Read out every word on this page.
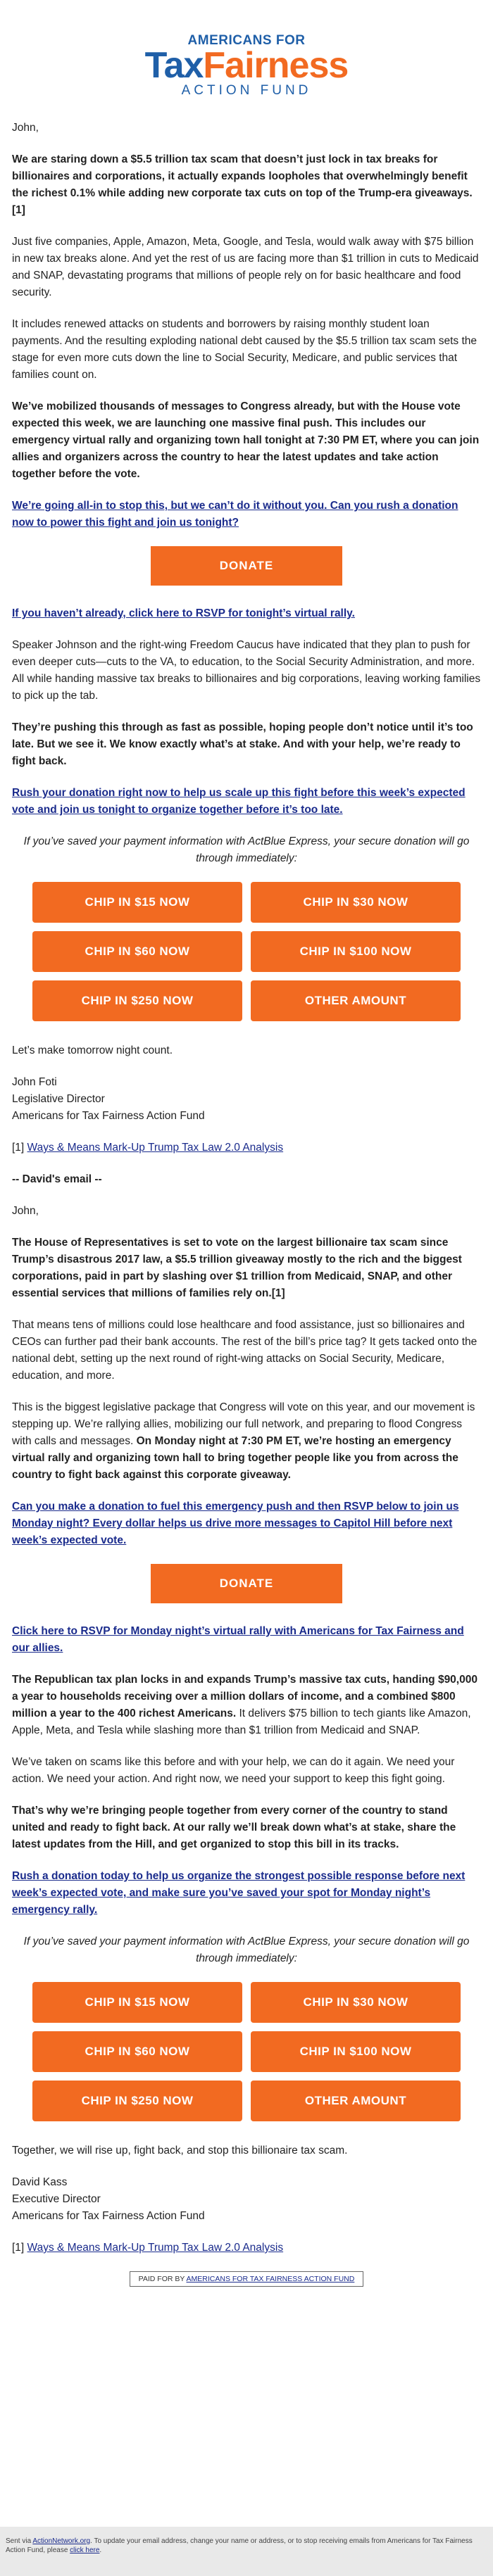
AMERICANS FOR
TaxFairness
ACTION FUND

John,

We are staring down a $5.5 trillion tax scam that doesn’t just lock in tax breaks for billionaires and corporations, it actually expands loopholes that overwhelmingly benefit the richest 0.1% while adding new corporate tax cuts on top of the Trump-era giveaways.[1]

Just five companies, Apple, Amazon, Meta, Google, and Tesla, would walk away with $75 billion in new tax breaks alone. And yet the rest of us are facing more than $1 trillion in cuts to Medicaid and SNAP, devastating programs that millions of people rely on for basic healthcare and food security.

It includes renewed attacks on students and borrowers by raising monthly student loan payments. And the resulting exploding national debt caused by the $5.5 trillion tax scam sets the stage for even more cuts down the line to Social Security, Medicare, and public services that families count on.

We’ve mobilized thousands of messages to Congress already, but with the House vote expected this week, we are launching one massive final push. This includes our emergency virtual rally and organizing town hall tonight at 7:30 PM ET, where you can join allies and organizers across the country to hear the latest updates and take action together before the vote.

We’re going all-in to stop this, but we can’t do it without you. Can you rush a donation now to power this fight and join us tonight?

DONATE

If you haven’t already, click here to RSVP for tonight’s virtual rally.

Speaker Johnson and the right-wing Freedom Caucus have indicated that they plan to push for even deeper cuts—cuts to the VA, to education, to the Social Security Administration, and more. All while handing massive tax breaks to billionaires and big corporations, leaving working families to pick up the tab.

They’re pushing this through as fast as possible, hoping people don’t notice until it’s too late. But we see it. We know exactly what’s at stake. And with your help, we’re ready to fight back.

Rush your donation right now to help us scale up this fight before this week’s expected vote and join us tonight to organize together before it’s too late.

If you’ve saved your payment information with ActBlue Express, your secure donation will go through immediately:

CHIP IN $15 NOW	CHIP IN $30 NOW
CHIP IN $60 NOW	CHIP IN $100 NOW
CHIP IN $250 NOW	OTHER AMOUNT

Let’s make tomorrow night count.

John Foti

Legislative Director

Americans for Tax Fairness Action Fund

[1] Ways & Means Mark-Up Trump Tax Law 2.0 Analysis

-- David's email --

John,

The House of Representatives is set to vote on the largest billionaire tax scam since Trump’s disastrous 2017 law, a $5.5 trillion giveaway mostly to the rich and the biggest corporations, paid in part by slashing over $1 trillion from Medicaid, SNAP, and other essential services that millions of families rely on.[1]

That means tens of millions could lose healthcare and food assistance, just so billionaires and CEOs can further pad their bank accounts. The rest of the bill’s price tag? It gets tacked onto the national debt, setting up the next round of right-wing attacks on Social Security, Medicare, education, and more.

This is the biggest legislative package that Congress will vote on this year, and our movement is stepping up. We’re rallying allies, mobilizing our full network, and preparing to flood Congress with calls and messages. On Monday night at 7:30 PM ET, we’re hosting an emergency virtual rally and organizing town hall to bring together people like you from across the country to fight back against this corporate giveaway.

Can you make a donation to fuel this emergency push and then RSVP below to join us Monday night? Every dollar helps us drive more messages to Capitol Hill before next week’s expected vote.

DONATE

Click here to RSVP for Monday night’s virtual rally with Americans for Tax Fairness and our allies.

The Republican tax plan locks in and expands Trump’s massive tax cuts, handing $90,000 a year to households receiving over a million dollars of income, and a combined $800 million a year to the 400 richest Americans. It delivers $75 billion to tech giants like Amazon, Apple, Meta, and Tesla while slashing more than $1 trillion from Medicaid and SNAP.

We’ve taken on scams like this before and with your help, we can do it again. We need your action. We need your action. And right now, we need your support to keep this fight going.

That’s why we’re bringing people together from every corner of the country to stand united and ready to fight back. At our rally we’ll break down what’s at stake, share the latest updates from the Hill, and get organized to stop this bill in its tracks.

Rush a donation today to help us organize the strongest possible response before next week’s expected vote, and make sure you’ve saved your spot for Monday night’s emergency rally.

If you’ve saved your payment information with ActBlue Express, your secure donation will go through immediately:

CHIP IN $15 NOW	CHIP IN $30 NOW
CHIP IN $60 NOW	CHIP IN $100 NOW
CHIP IN $250 NOW	OTHER AMOUNT

Together, we will rise up, fight back, and stop this billionaire tax scam.

David Kass

Executive Director

Americans for Tax Fairness Action Fund

[1] Ways & Means Mark-Up Trump Tax Law 2.0 Analysis

PAID FOR BY AMERICANS FOR TAX FAIRNESS ACTION FUND
Sent via ActionNetwork.org. To update your email address, change your name or address, or to stop receiving emails from Americans for Tax Fairness Action Fund, please click here.
